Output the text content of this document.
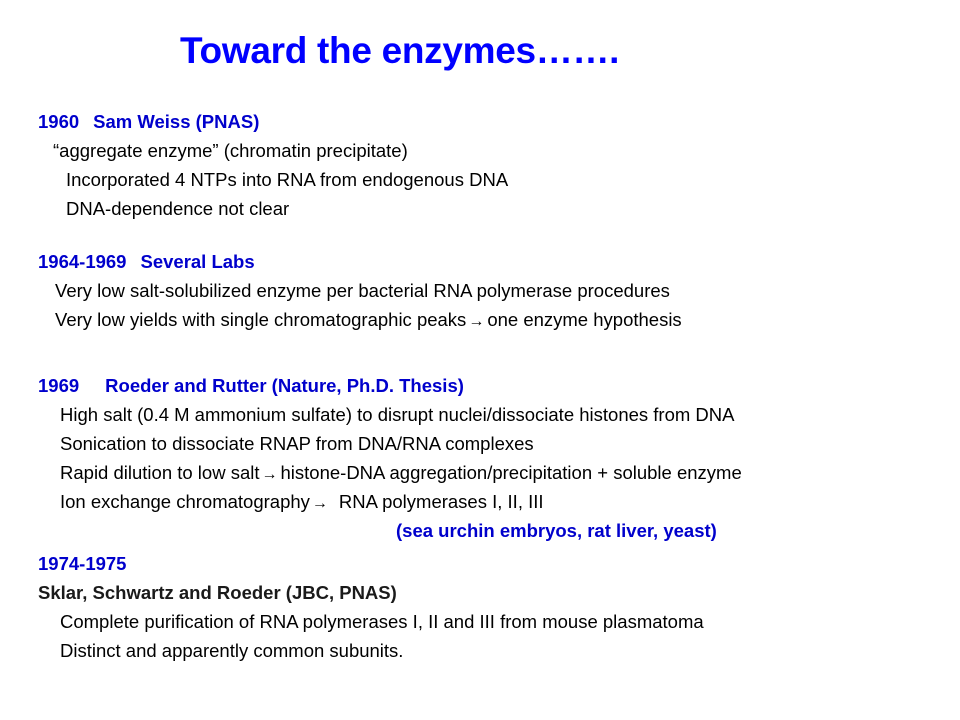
Toward the enzymes…….
1960 Sam Weiss (PNAS)
“aggregate enzyme” (chromatin precipitate)
Incorporated 4 NTPs into RNA from endogenous DNA
DNA-dependence not clear
1964-1969 Several Labs
Very low salt-solubilized enzyme per bacterial RNA polymerase procedures
Very low yields with single chromatographic peaks → one enzyme hypothesis
1969 Roeder and Rutter (Nature, Ph.D. Thesis)
High salt (0.4 M ammonium sulfate) to disrupt nuclei/dissociate histones from DNA
Sonication to dissociate RNAP from DNA/RNA complexes
Rapid dilution to low salt → histone-DNA aggregation/precipitation + soluble enzyme
Ion exchange chromatography → RNA polymerases I, II, III
(sea urchin embryos, rat liver, yeast)
1974-1975
Sklar, Schwartz and Roeder (JBC, PNAS)
Complete purification of RNA polymerases I, II and III from mouse plasmatoma
Distinct and apparently common subunits.
